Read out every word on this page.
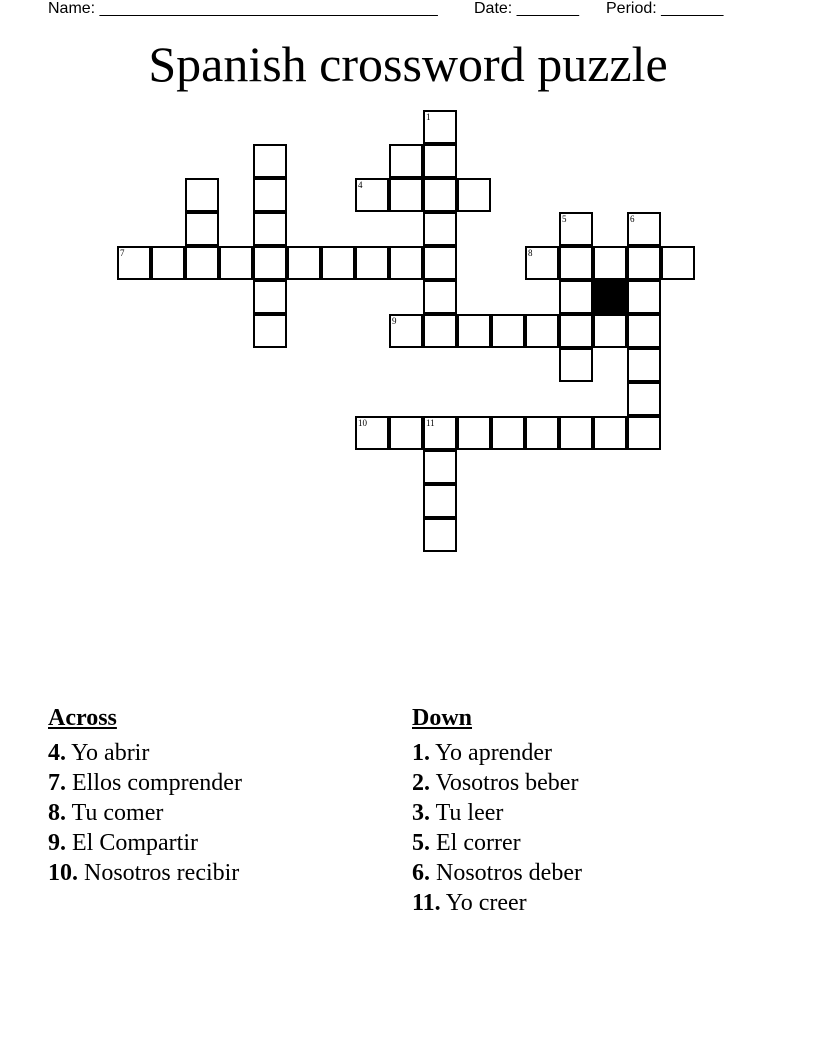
Name: ______________________________________ Date: _______ Period: _______
Spanish crossword puzzle
1
4
5	6
7	8
9
10	11
Across
4. Yo abrir
7. Ellos comprender
8. Tu comer
9. El Compartir
10. Nosotros recibir
Down
1. Yo aprender
2. Vosotros beber
3. Tu leer
5. El correr
6. Nosotros deber
11. Yo creer
